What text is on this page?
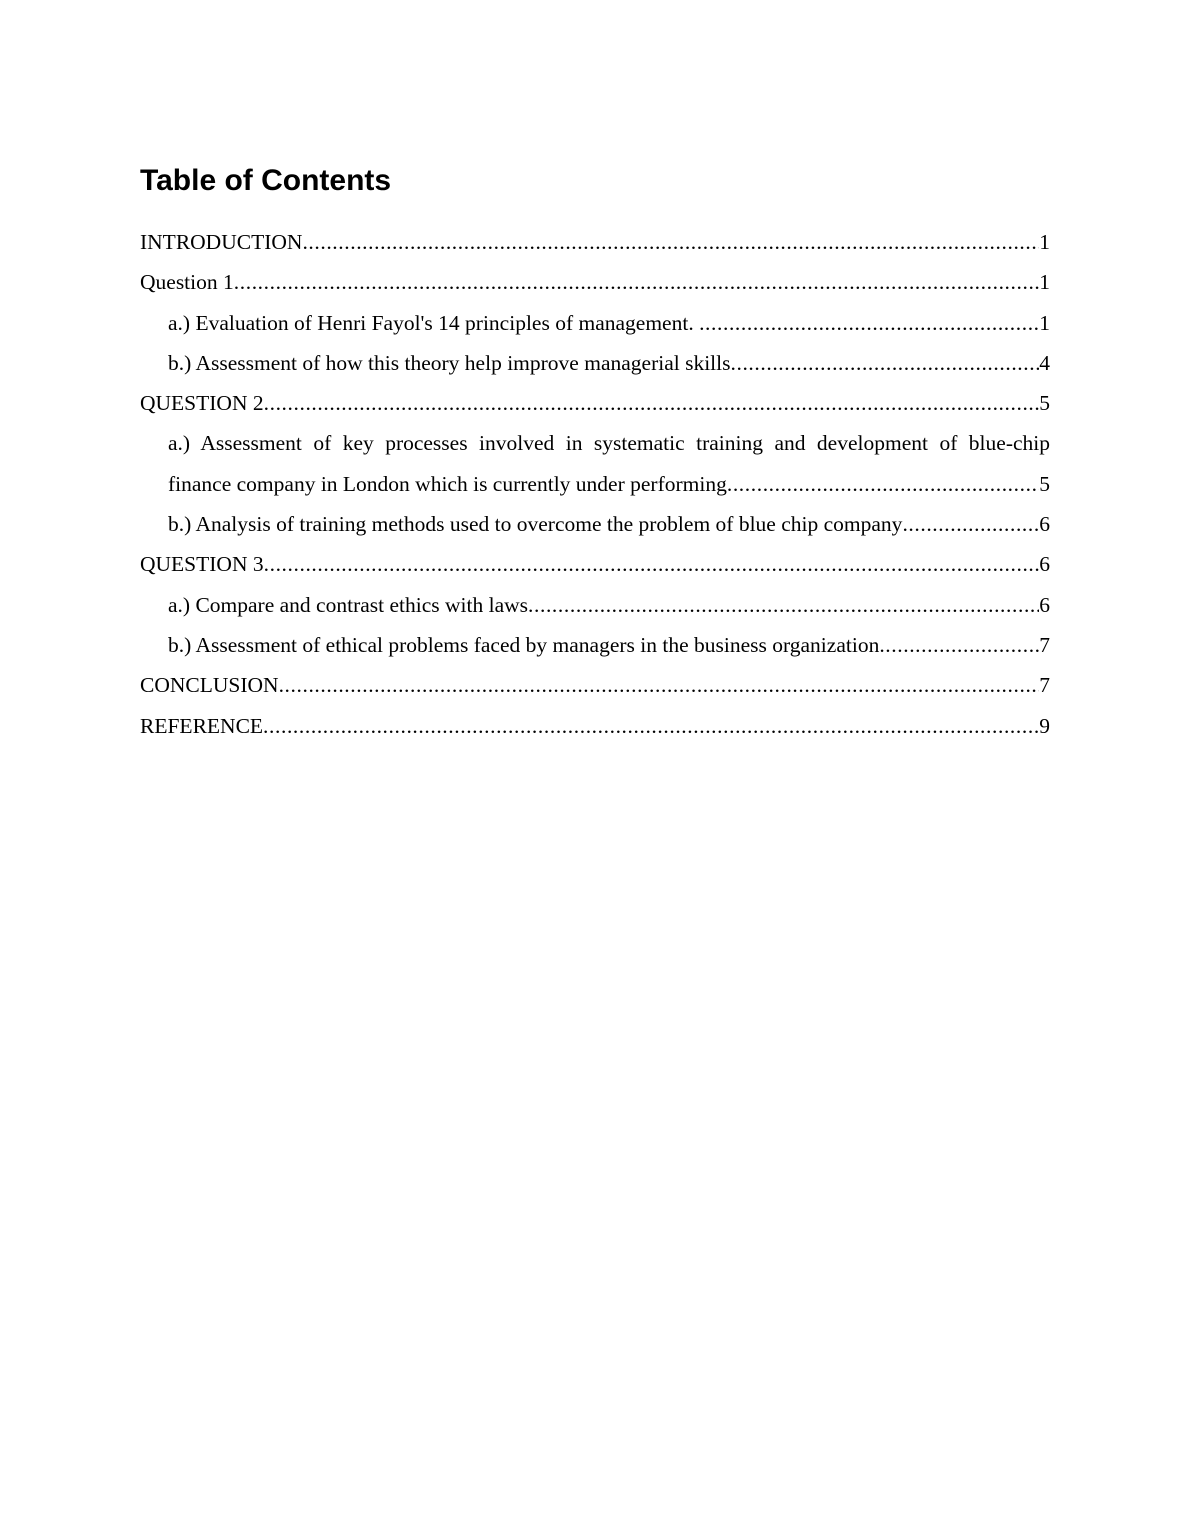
Table of Contents
INTRODUCTION .....	1
Question 1 .....	1
a.) Evaluation of Henri Fayol's 14 principles of management. .....	1
b.) Assessment of how this theory help improve managerial skills .....	4
QUESTION 2 .....	5
a.) Assessment of key processes involved in systematic training and development of blue-chip
finance company in London which is currently under performing .....	5
b.) Analysis of training methods used to overcome the problem of blue chip company .....	6
QUESTION 3 .....	6
a.) Compare and contrast ethics with laws .....	6
b.) Assessment of ethical problems faced by managers in the business organization .....	7
CONCLUSION .....	7
REFERENCE .....	9
